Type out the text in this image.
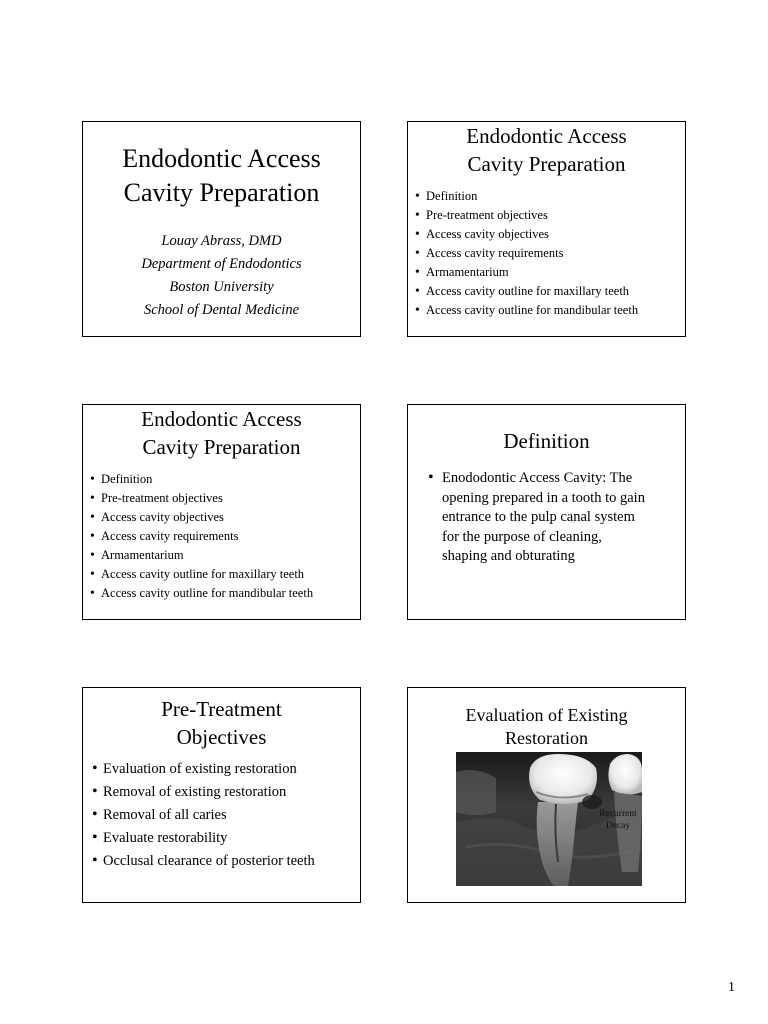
Endodontic Access
Cavity Preparation
Louay Abrass, DMD
Department of Endodontics
Boston University
School of Dental Medicine
Endodontic Access
Cavity Preparation
• Definition
• Pre-treatment objectives
• Access cavity objectives
• Access cavity requirements
• Armamentarium
• Access cavity outline for maxillary teeth
• Access cavity outline for mandibular teeth
Endodontic Access
Cavity Preparation
• Definition
• Pre-treatment objectives
• Access cavity objectives
• Access cavity requirements
• Armamentarium
• Access cavity outline for maxillary teeth
• Access cavity outline for mandibular teeth
Definition
• Enododontic Access Cavity: The
opening prepared in a tooth to gain
entrance to the pulp canal system
for the purpose of cleaning,
shaping and obturating
Pre-Treatment
Objectives
• Evaluation of existing restoration
• Removal of existing restoration
• Removal of all caries
• Evaluate restorability
• Occlusal clearance of posterior teeth
Evaluation of Existing
Restoration
Recurrent
Decay
1
